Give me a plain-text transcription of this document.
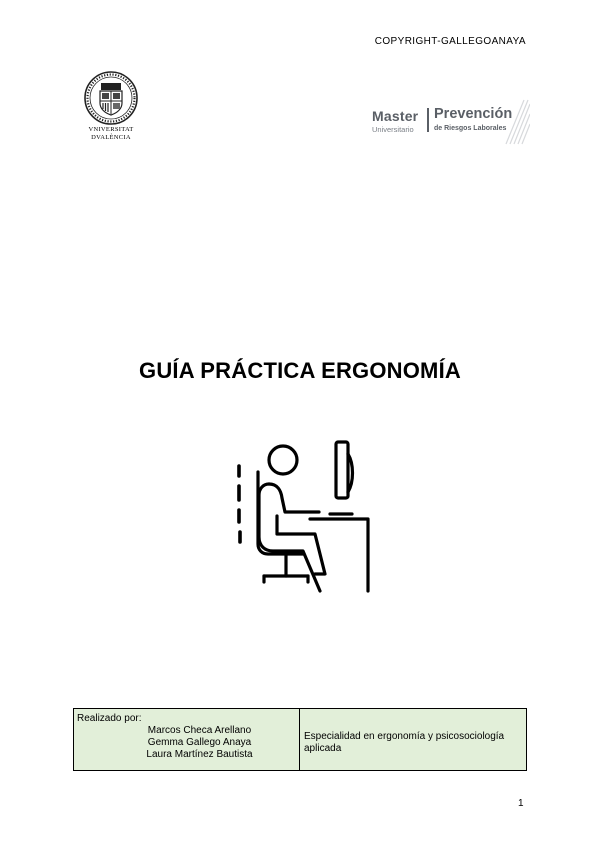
COPYRIGHT-GALLEGOANAYA
VNIVERSITAT
DVALÈNCIA
Master
Universitario
Prevención
de Riesgos Laborales
GUÍA PRÁCTICA ERGONOMÍA
Realizado por:
Marcos Checa Arellano
Gemma Gallego Anaya
Laura Martínez Bautista
	Especialidad en ergonomía y psicosociología aplicada
1
